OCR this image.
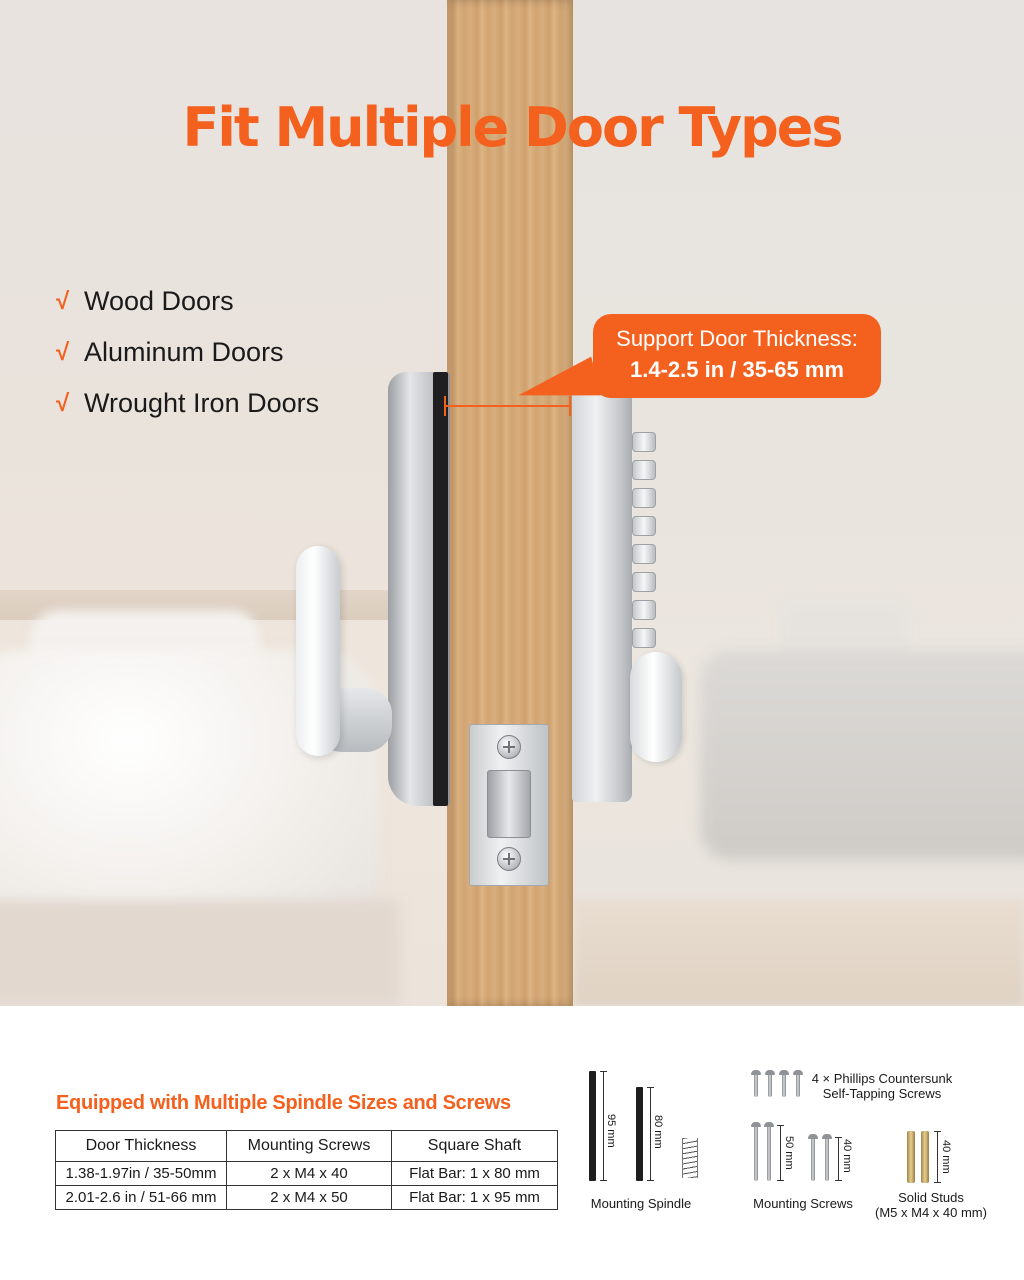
Fit Multiple Door Types
√ Wood Doors
√ Aluminum Doors
√ Wrought Iron Doors
Support Door Thickness:
1.4-2.5 in / 35-65 mm
Equipped with Multiple Spindle Sizes and Screws
Door Thickness	Mounting Screws	Square Shaft
1.38-1.97in / 35-50mm	2 x M4 x 40	Flat Bar: 1 x 80 mm
2.01-2.6 in / 51-66 mm	2 x M4 x 50	Flat Bar: 1 x 95 mm
95 mm	80 mm
Mounting Spindle
4 × Phillips Countersunk
Self-Tapping Screws
50 mm	40 mm
Mounting Screws
40 mm
Solid Studs
(M5 x M4 x 40 mm)
